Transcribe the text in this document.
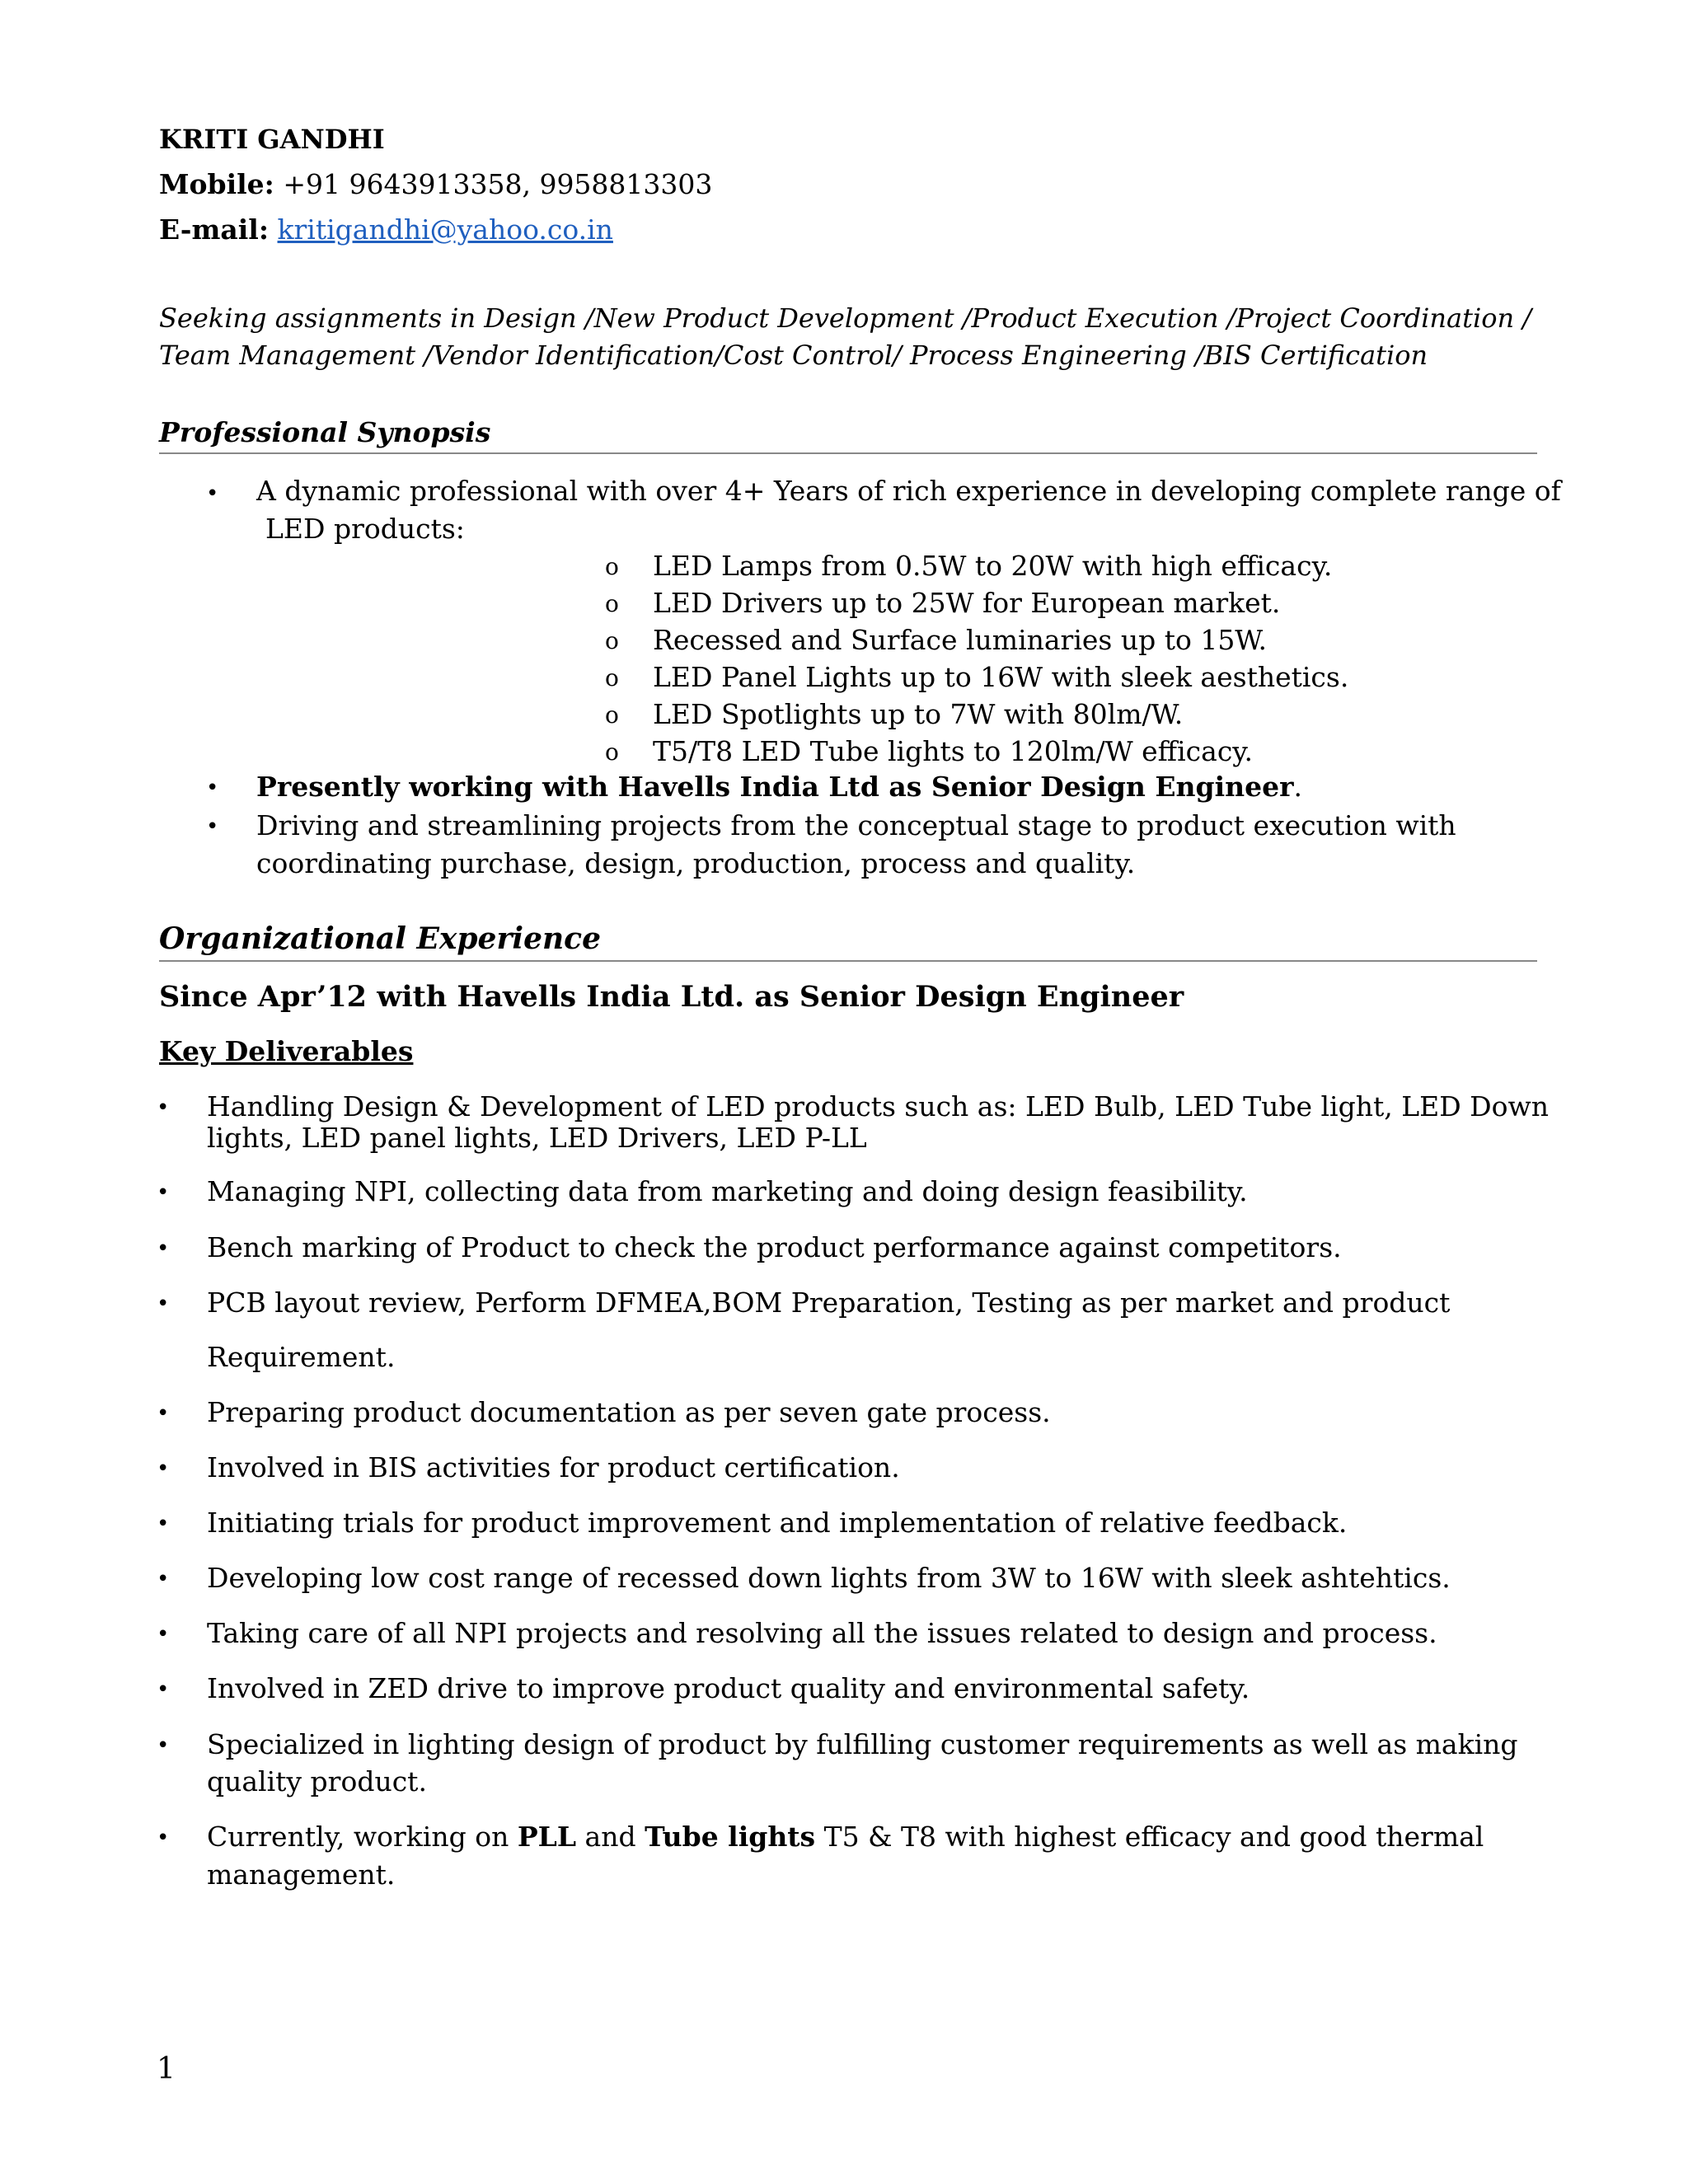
KRITI GANDHI
Mobile: +91 9643913358, 9958813303
E-mail: kritigandhi@yahoo.co.in
Seeking assignments in Design /New Product Development /Product Execution /Project Coordination /
Team Management /Vendor Identification/Cost Control/ Process Engineering /BIS Certification
Professional Synopsis
• A dynamic professional with over 4+ Years of rich experience in developing complete range of
LED products:
o LED Lamps from 0.5W to 20W with high efficacy.
o LED Drivers up to 25W for European market.
o Recessed and Surface luminaries up to 15W.
o LED Panel Lights up to 16W with sleek aesthetics.
o LED Spotlights up to 7W with 80lm/W.
o T5/T8 LED Tube lights to 120lm/W efficacy.
• Presently working with Havells India Ltd as Senior Design Engineer.
• Driving and streamlining projects from the conceptual stage to product execution with
coordinating purchase, design, production, process and quality.
Organizational Experience
Since Apr’12 with Havells India Ltd. as Senior Design Engineer
Key Deliverables
• Handling Design & Development of LED products such as: LED Bulb, LED Tube light, LED Down
lights, LED panel lights, LED Drivers, LED P-LL
• Managing NPI, collecting data from marketing and doing design feasibility.
• Bench marking of Product to check the product performance against competitors.
• PCB layout review, Perform DFMEA,BOM Preparation, Testing as per market and product
Requirement.
• Preparing product documentation as per seven gate process.
• Involved in BIS activities for product certification.
• Initiating trials for product improvement and implementation of relative feedback.
• Developing low cost range of recessed down lights from 3W to 16W with sleek ashtehtics.
• Taking care of all NPI projects and resolving all the issues related to design and process.
• Involved in ZED drive to improve product quality and environmental safety.
• Specialized in lighting design of product by fulfilling customer requirements as well as making
quality product.
• Currently, working on PLL and Tube lights T5 & T8 with highest efficacy and good thermal
management.
1
